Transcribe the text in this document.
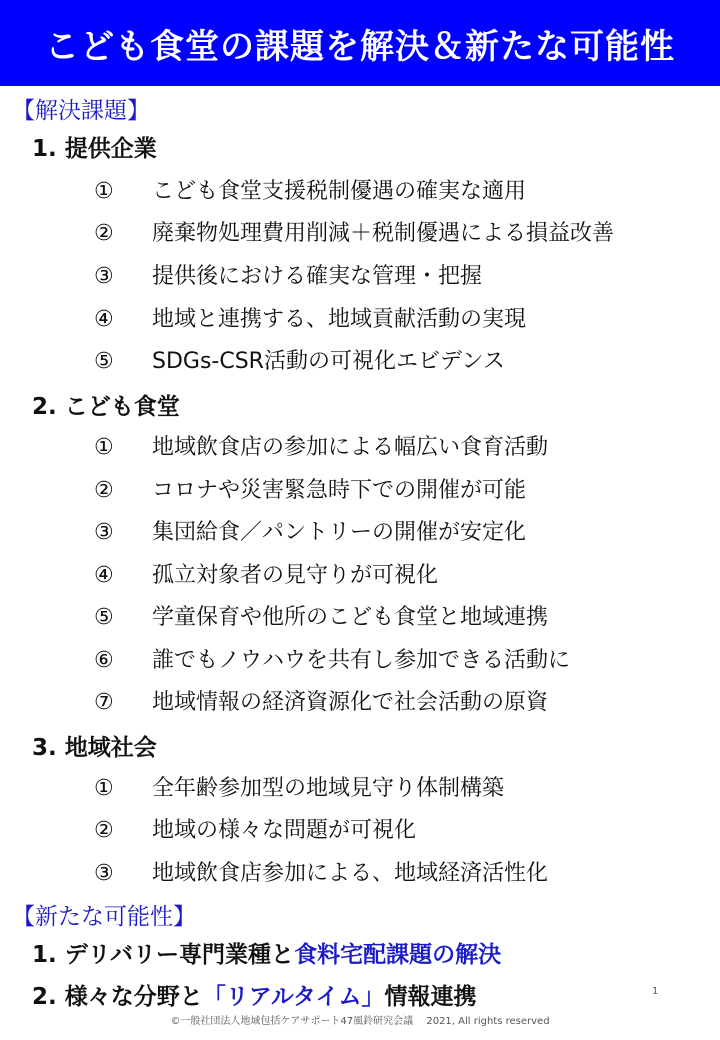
こども食堂の課題を解決＆新たな可能性
【解決課題】
1. 提供企業
① こども食堂支援税制優遇の確実な適用
② 廃棄物処理費用削減＋税制優遇による損益改善
③ 提供後における確実な管理・把握
④ 地域と連携する、地域貢献活動の実現
⑤ SDGs-CSR活動の可視化エビデンス
2. こども食堂
① 地域飲食店の参加による幅広い食育活動
② コロナや災害緊急時下での開催が可能
③ 集団給食／パントリーの開催が安定化
④ 孤立対象者の見守りが可視化
⑤ 学童保育や他所のこども食堂と地域連携
⑥ 誰でもノウハウを共有し参加できる活動に
⑦ 地域情報の経済資源化で社会活動の原資
3. 地域社会
① 全年齢参加型の地域見守り体制構築
② 地域の様々な問題が可視化
③ 地域飲食店参加による、地域経済活性化
【新たな可能性】
1. デリバリー専門業種と食料宅配課題の解決
2. 様々な分野と「リアルタイム」情報連携	1
©一般社団法人地域包括ケアサポート47風鈴研究会議　 2021, All rights reserved
